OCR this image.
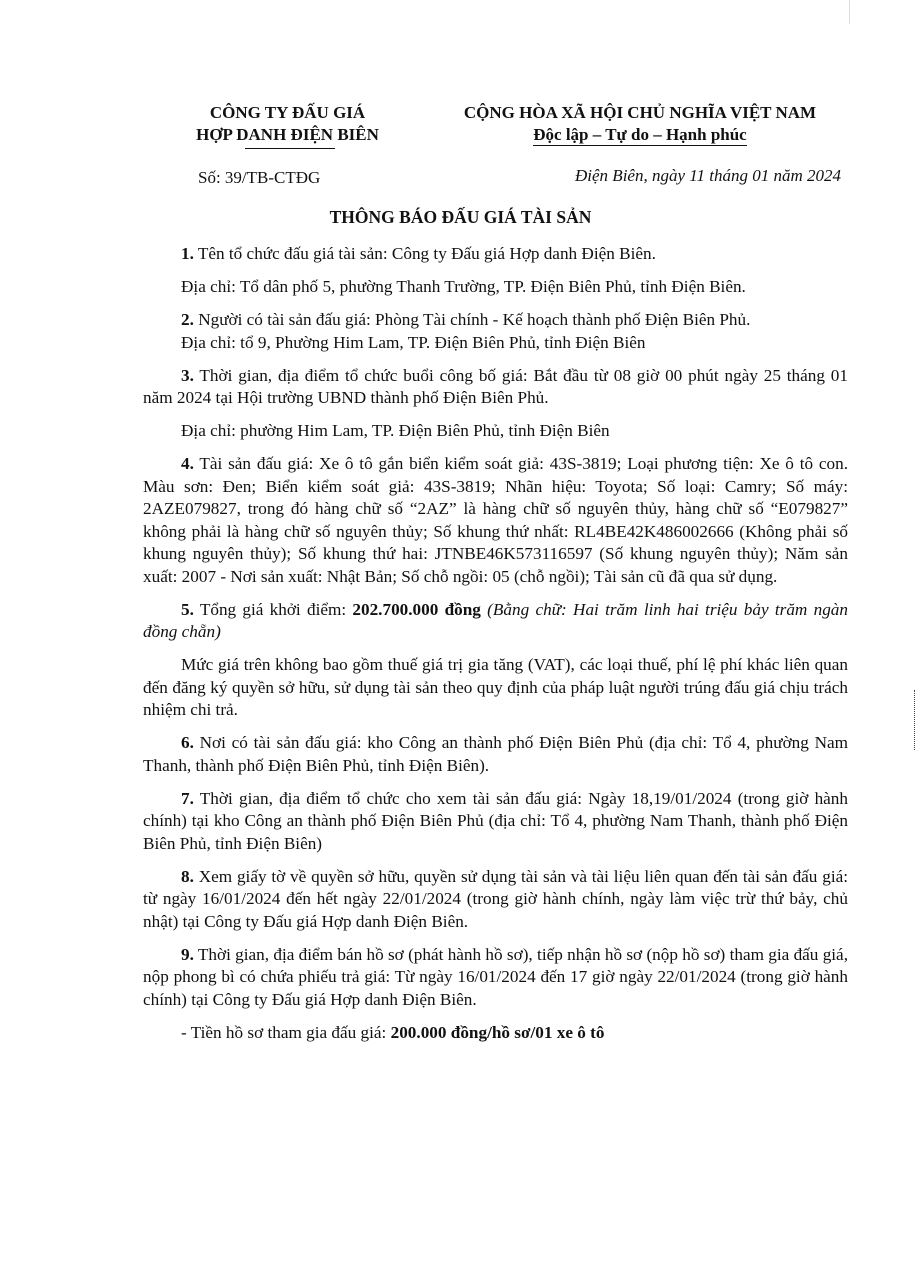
CÔNG TY ĐẤU GIÁ
HỢP DANH ĐIỆN BIÊN
CỘNG HÒA XÃ HỘI CHỦ NGHĨA VIỆT NAM
Độc lập – Tự do – Hạnh phúc
Số: 39/TB-CTĐG	Điện Biên, ngày 11 tháng 01 năm 2024
THÔNG BÁO ĐẤU GIÁ TÀI SẢN

1. Tên tổ chức đấu giá tài sản: Công ty Đấu giá Hợp danh Điện Biên.

Địa chỉ: Tổ dân phố 5, phường Thanh Trường, TP. Điện Biên Phủ, tỉnh Điện Biên.

2. Người có tài sản đấu giá: Phòng Tài chính - Kế hoạch thành phố Điện Biên Phủ.

Địa chỉ: tổ 9, Phường Him Lam, TP. Điện Biên Phủ, tỉnh Điện Biên

3. Thời gian, địa điểm tổ chức buổi công bố giá: Bắt đầu từ 08 giờ 00 phút ngày 25 tháng 01 năm 2024 tại Hội trường UBND thành phố Điện Biên Phủ.

Địa chỉ: phường Him Lam, TP. Điện Biên Phủ, tỉnh Điện Biên

4. Tài sản đấu giá: Xe ô tô gắn biển kiểm soát giả: 43S-3819; Loại phương tiện: Xe ô tô con. Màu sơn: Đen; Biển kiểm soát giả: 43S-3819; Nhãn hiệu: Toyota; Số loại: Camry; Số máy: 2AZE079827, trong đó hàng chữ số “2AZ” là hàng chữ số nguyên thủy, hàng chữ số “E079827” không phải là hàng chữ số nguyên thủy; Số khung thứ nhất: RL4BE42K486002666 (Không phải số khung nguyên thủy); Số khung thứ hai: JTNBE46K573116597 (Số khung nguyên thủy); Năm sản xuất: 2007 - Nơi sản xuất: Nhật Bản; Số chỗ ngồi: 05 (chỗ ngồi); Tài sản cũ đã qua sử dụng.

5. Tổng giá khởi điểm: 202.700.000 đồng (Bằng chữ: Hai trăm linh hai triệu bảy trăm ngàn đồng chẵn)

Mức giá trên không bao gồm thuế giá trị gia tăng (VAT), các loại thuế, phí lệ phí khác liên quan đến đăng ký quyền sở hữu, sử dụng tài sản theo quy định của pháp luật người trúng đấu giá chịu trách nhiệm chi trả.

6. Nơi có tài sản đấu giá: kho Công an thành phố Điện Biên Phủ (địa chỉ: Tổ 4, phường Nam Thanh, thành phố Điện Biên Phủ, tỉnh Điện Biên).

7. Thời gian, địa điểm tổ chức cho xem tài sản đấu giá: Ngày 18,19/01/2024 (trong giờ hành chính) tại kho Công an thành phố Điện Biên Phủ (địa chỉ: Tổ 4, phường Nam Thanh, thành phố Điện Biên Phủ, tỉnh Điện Biên)

8. Xem giấy tờ về quyền sở hữu, quyền sử dụng tài sản và tài liệu liên quan đến tài sản đấu giá: từ ngày 16/01/2024 đến hết ngày 22/01/2024 (trong giờ hành chính, ngày làm việc trừ thứ bảy, chủ nhật) tại Công ty Đấu giá Hợp danh Điện Biên.

9. Thời gian, địa điểm bán hồ sơ (phát hành hồ sơ), tiếp nhận hồ sơ (nộp hồ sơ) tham gia đấu giá, nộp phong bì có chứa phiếu trả giá: Từ ngày 16/01/2024 đến 17 giờ ngày 22/01/2024 (trong giờ hành chính) tại Công ty Đấu giá Hợp danh Điện Biên.

- Tiền hồ sơ tham gia đấu giá: 200.000 đồng/hồ sơ/01 xe ô tô
